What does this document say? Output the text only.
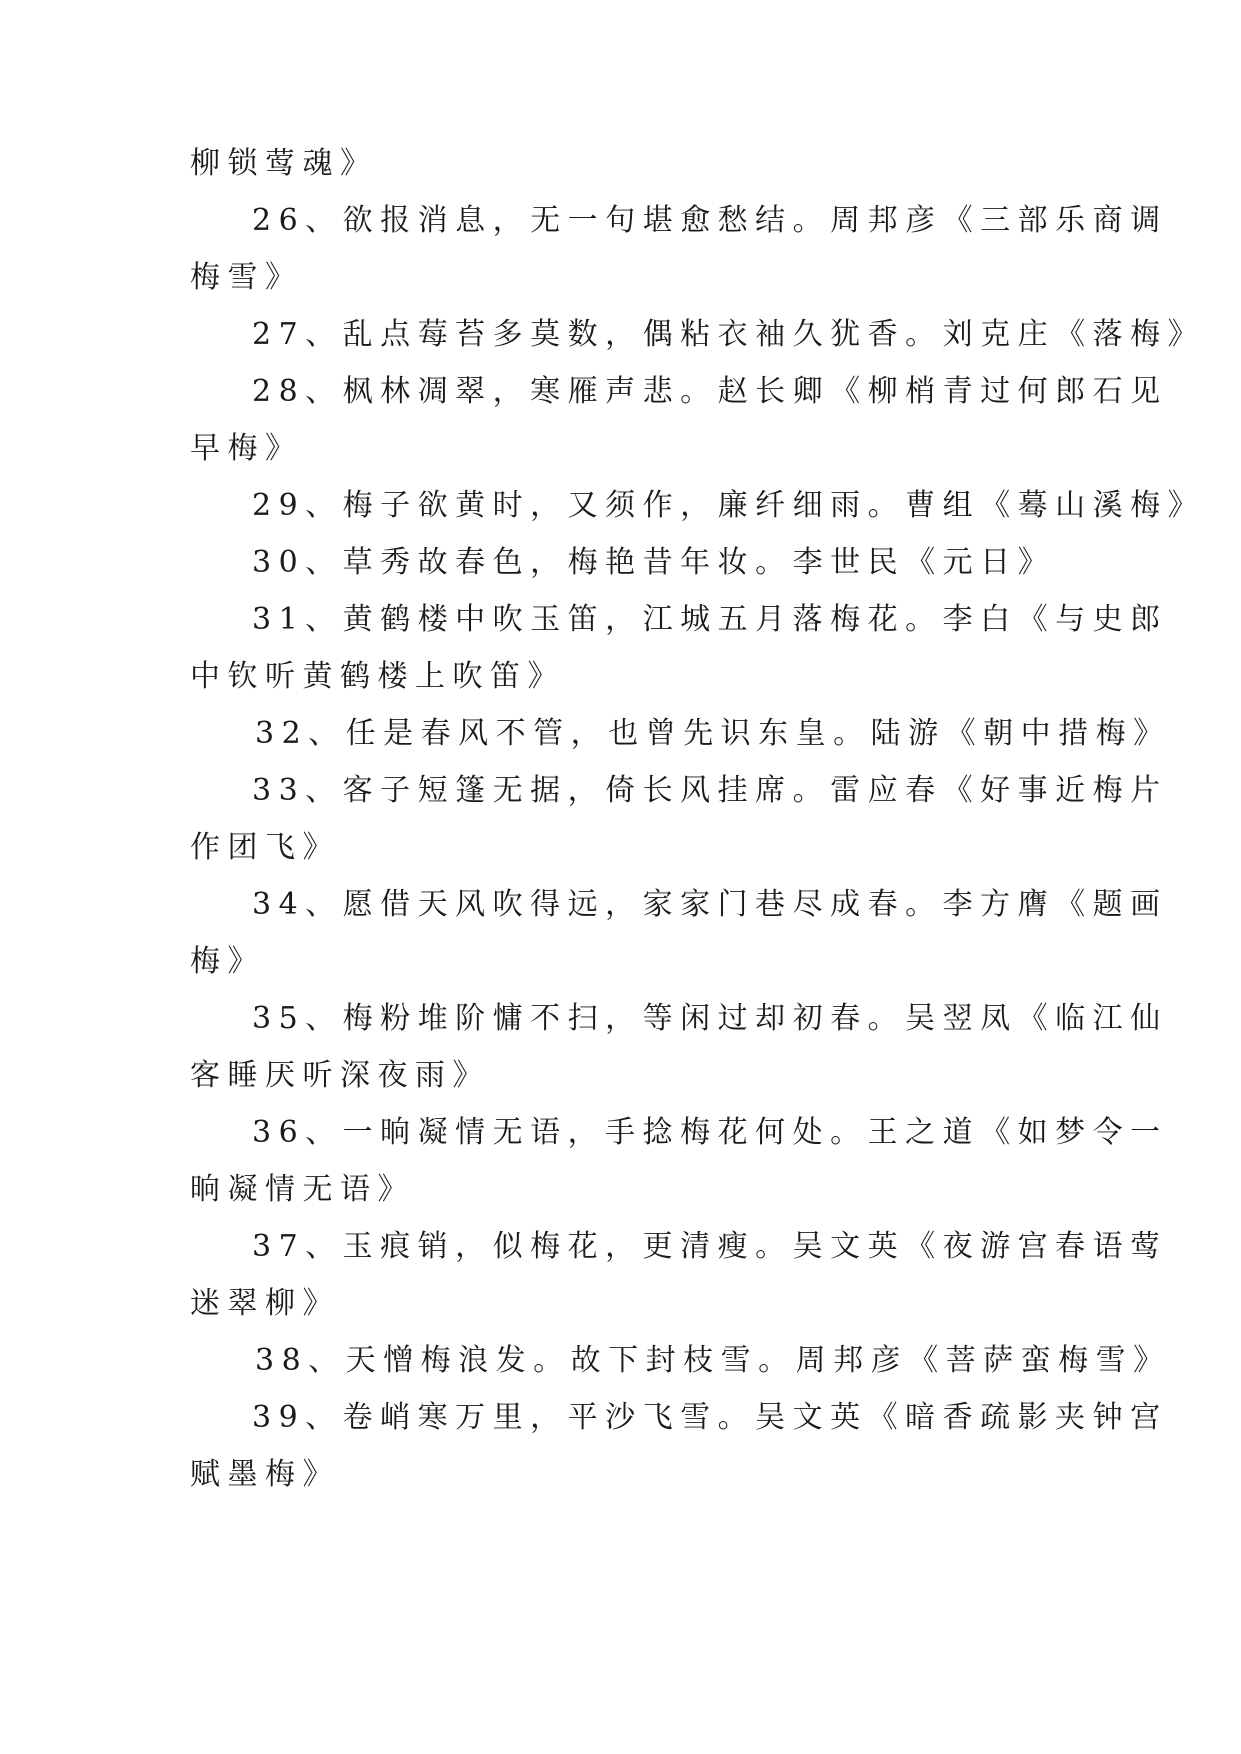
柳锁莺魂》
26、欲报消息，无一句堪愈愁结。周邦彦《三部乐商调
梅雪》
27、乱点莓苔多莫数，偶粘衣袖久犹香。刘克庄《落梅》
28、枫林凋翠，寒雁声悲。赵长卿《柳梢青过何郎石见
早梅》
29、梅子欲黄时，又须作，廉纤细雨。曹组《蓦山溪梅》
30、草秀故春色，梅艳昔年妆。李世民《元日》
31、黄鹤楼中吹玉笛，江城五月落梅花。李白《与史郎
中钦听黄鹤楼上吹笛》
32、任是春风不管，也曾先识东皇。陆游《朝中措梅》
33、客子短篷无据，倚长风挂席。雷应春《好事近梅片
作团飞》
34、愿借天风吹得远，家家门巷尽成春。李方膺《题画
梅》
35、梅粉堆阶慵不扫，等闲过却初春。吴翌凤《临江仙
客睡厌听深夜雨》
36、一晌凝情无语，手捻梅花何处。王之道《如梦令一
晌凝情无语》
37、玉痕销，似梅花，更清瘦。吴文英《夜游宫春语莺
迷翠柳》
38、天憎梅浪发。故下封枝雪。周邦彦《菩萨蛮梅雪》
39、卷峭寒万里，平沙飞雪。吴文英《暗香疏影夹钟宫
赋墨梅》
